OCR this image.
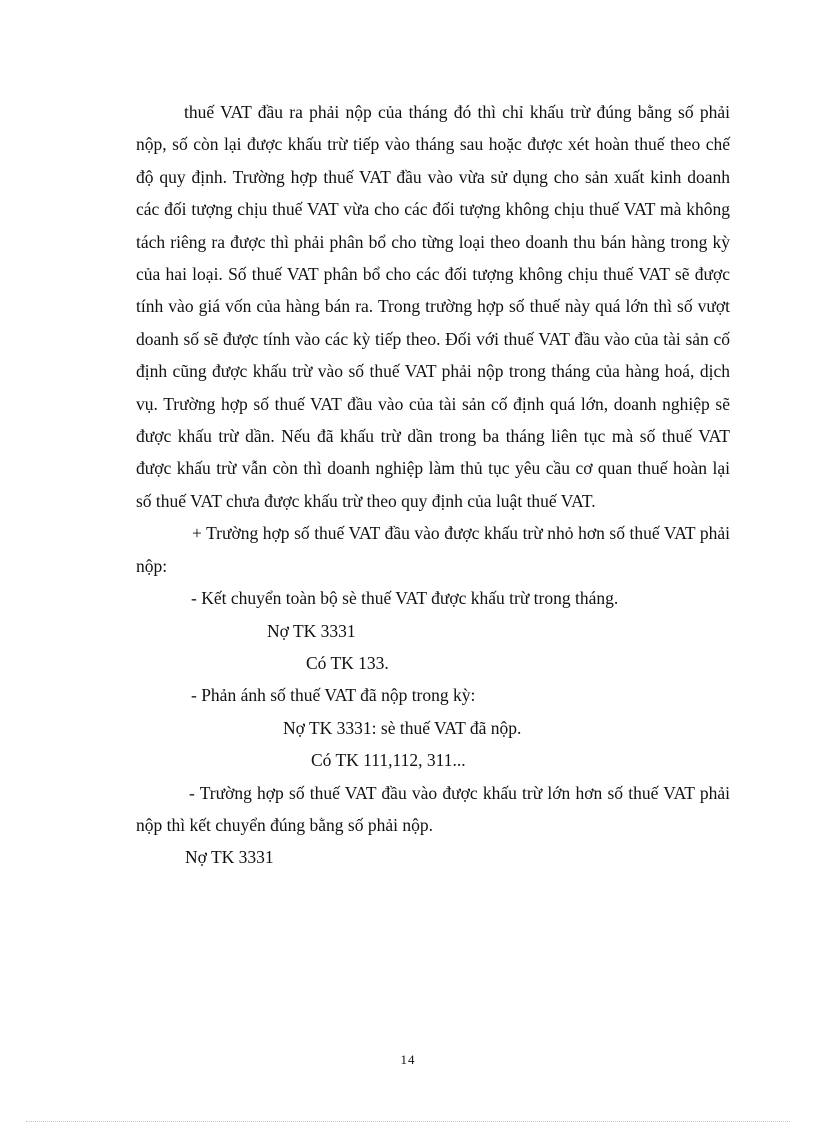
thuế VAT đầu ra phải nộp của tháng đó thì chỉ khấu trừ đúng bằng số phải nộp, số còn lại được khấu trừ tiếp vào tháng sau hoặc được xét hoàn thuế theo chế độ quy định. Trường hợp thuế VAT đầu vào vừa sử dụng cho sản xuất kinh doanh các đối tượng chịu thuế VAT vừa cho các đối tượng không chịu thuế VAT mà không tách riêng ra được thì phải phân bổ cho từng loại theo doanh thu bán hàng trong kỳ của hai loại. Số thuế VAT phân bổ cho các đối tượng không chịu thuế VAT sẽ được tính vào giá vốn của hàng bán ra. Trong trường hợp số thuế này quá lớn thì số vượt doanh số sẽ được tính vào các kỳ tiếp theo. Đối với thuế VAT đầu vào của tài sản cố định cũng được khấu trừ vào số thuế VAT phải nộp trong tháng của hàng hoá, dịch vụ. Trường hợp số thuế VAT đầu vào của tài sản cố định quá lớn, doanh nghiệp sẽ được khấu trừ dần. Nếu đã khấu trừ dần trong ba tháng liên tục mà số thuế VAT được khấu trừ vẫn còn thì doanh nghiệp làm thủ tục yêu cầu cơ quan thuế hoàn lại số thuế VAT chưa được khấu trừ theo quy định của luật thuế VAT.

+ Trường hợp số thuế VAT đầu vào được khấu trừ nhỏ hơn số thuế VAT phải nộp:

- Kết chuyển toàn bộ sè thuế VAT được khấu trừ trong tháng.

Nợ TK 3331

Có TK 133.

- Phản ánh số thuế VAT đã nộp trong kỳ:

Nợ TK 3331: sè thuế VAT đã nộp.

Có TK 111,112, 311...

- Trường hợp số thuế VAT đầu vào được khấu trừ lớn hơn số thuế VAT phải nộp thì kết chuyển đúng bằng số phải nộp.

Nợ TK 3331

14
